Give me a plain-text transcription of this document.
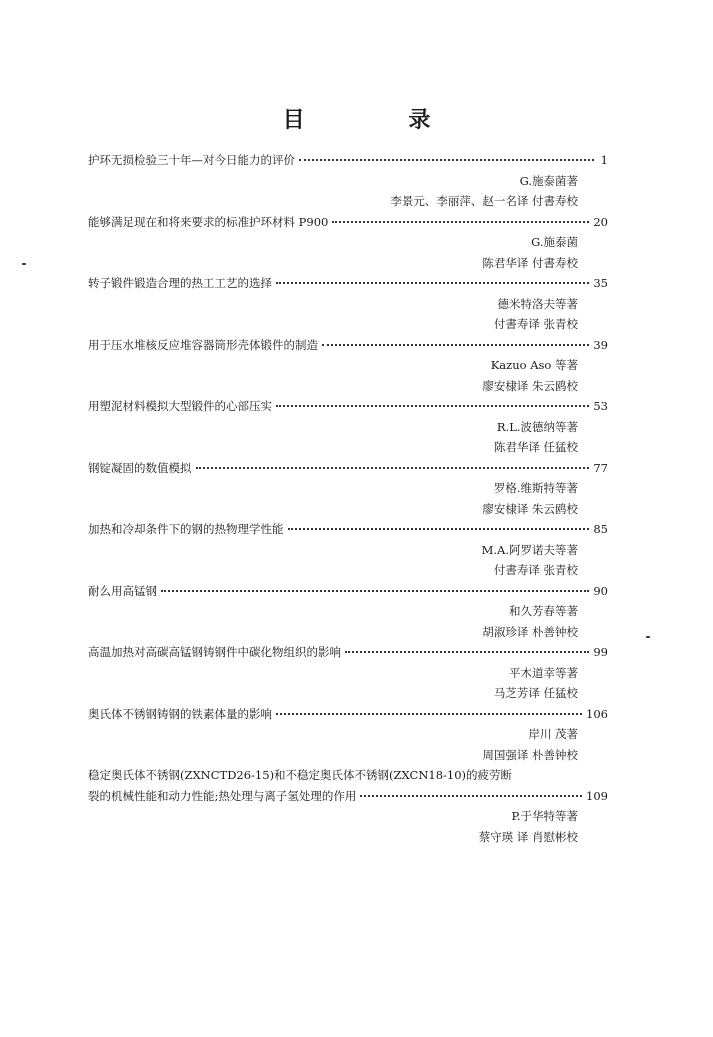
目 录
护环无损检验三十年—对今日能力的评价	1
G.施泰菌著
李景元、李丽萍、赵一名译 付書寿校
能够满足现在和将来要求的标准护环材料 P900	20
G.施泰菌
陈君华译 付書寿校
转子锻件锻造合理的热工工艺的选择	35
德米特洛夫等著
付書寿译 张青校
用于压水堆核反应堆容器筒形壳体锻件的制造	39
Kazuo Aso 等著
廖安棣译 朱云鸥校
用塑泥材料模拟大型锻件的心部压实	53
R.L.波德纳等著
陈君华译 任猛校
钢锭凝固的数值模拟	77
罗格.维斯特等著
廖安棣译 朱云鸥校
加热和冷却条件下的钢的热物理学性能	85
M.A.阿罗诺夫等著
付書寿译 张青校
耐么用高锰钢	90
和久芳春等著
胡淑珍译 朴善钟校
高温加热对高碳高锰钢铸钢件中碳化物组织的影响	99
平木道幸等著
马芝芳译 任猛校
奥氏体不锈钢铸钢的铁素体量的影响	106
岸川 茂著
周国强译 朴善钟校
稳定奥氏体不锈钢(ZXNCTD26-15)和不稳定奥氏体不锈钢(ZXCN18-10)的疲劳断
裂的机械性能和动力性能;热处理与离子氢处理的作用	109
P.于华特等著
蔡守瑛 译 肖慰彬校
